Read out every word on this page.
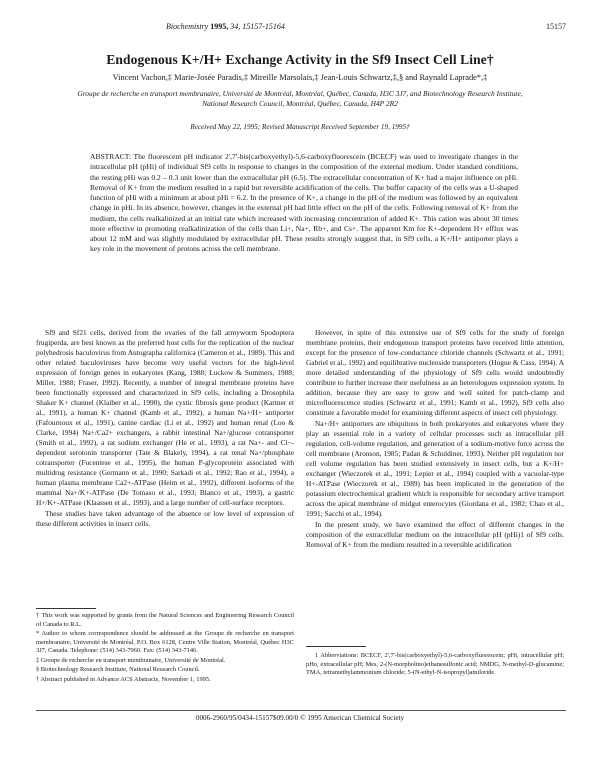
Biochemistry 1995, 34, 15157-15164	15157
Endogenous K+/H+ Exchange Activity in the Sf9 Insect Cell Line†
Vincent Vachon,‡ Marie-Josée Paradis,‡ Mireille Marsolais,‡ Jean-Louis Schwartz,‡,§ and Raynald Laprade*,‡
Groupe de recherche en transport membranaire, Université de Montréal, Montréal, Québec, Canada, H3C 3J7, and Biotechnology Research Institute, National Research Council, Montréal, Québec, Canada, H4P 2R2
Received May 22, 1995; Revised Manuscript Received September 19, 1995†
ABSTRACT: The fluorescent pH indicator 2',7'-bis(carboxyethyl)-5,6-carboxyfluorescein (BCECF) was used to investigate changes in the intracellular pH (pHi) of individual Sf9 cells in response to changes in the composition of the external medium. Under standard conditions, the resting pHi was 0.2 – 0.3 unit lower than the extracellular pH (6.5). The extracellular concentration of K+ had a major influence on pHi. Removal of K+ from the medium resulted in a rapid but reversible acidification of the cells. The buffer capacity of the cells was a U-shaped function of pHi with a minimum at about pHi = 6.2. In the presence of K+, a change in the pH of the medium was followed by an equivalent change in pHi. In its absence, however, changes in the external pH had little effect on the pH of the cells. Following removal of K+ from the medium, the cells realkalinized at an initial rate which increased with increasing concentration of added K+. This cation was about 30 times more effective in promoting realkalinization of the cells than Li+, Na+, Rb+, and Cs+. The apparent Km for K+-dependent H+ efflux was about 12 mM and was slightly modulated by extracellular pH. These results strongly suggest that, in Sf9 cells, a K+/H+ antiporter plays a key role in the movement of protons across the cell membrane.

Sf9 and Sf21 cells, derived from the ovaries of the fall armyworm Spodoptera frugiperda, are best known as the preferred host cells for the replication of the nuclear polyhedrosis baculovirus from Autographa californica (Cameron et al., 1989). This and other related baculoviruses have become very useful vectors for the high-level expression of foreign genes in eukaryotes (Kang, 1988; Luckow & Summers, 1988; Miller, 1988; Fraser, 1992). Recently, a number of integral membrane proteins have been functionally expressed and characterized in Sf9 cells, including a Drosophila Shaker K+ channel (Klaiber et al., 1990), the cystic fibrosis gene product (Kartner et al., 1991), a human K+ channel (Kamb et al., 1992), a human Na+/H+ antiporter (Fafournoux et al., 1991), canine cardiac (Li et al., 1992) and human renal (Loo & Clarke, 1994) Na+/Ca2+ exchangers, a rabbit intestinal Na+/glucose cotransporter (Smith et al., 1992), a rat sodium exchanger (He et al., 1993), a rat Na+- and Cl−-dependent serotonin transporter (Tate & Blakely, 1994), a rat renal Na+/phosphate cotransporter (Fucentese et al., 1995), the human P-glycoprotein associated with multidrug resistance (Germann et al., 1990; Sarkadi et al., 1992; Rao et al., 1994), a human plasma membrane Ca2+-ATPase (Heim et al., 1992), different isoforms of the mammal Na+/K+-ATPase (De Tomaso et al., 1993; Blanco et al., 1993), a gastric H+/K+-ATPase (Klaassen et al., 1993), and a large number of cell-surface receptors.

These studies have taken advantage of the absence or low level of expression of these different activities in insect cells.

However, in spite of this extensive use of Sf9 cells for the study of foreign membrane proteins, their endogenous transport proteins have received little attention, except for the presence of low-conductance chloride channels (Schwartz et al., 1991; Gabriel et al., 1992) and equilibrative nucleoside transporters (Hogue & Cass, 1994). A more detailed understanding of the physiology of Sf9 cells would undoubtedly contribute to further increase their usefulness as an heterologous expression system. In addition, because they are easy to grow and well suited for patch-clamp and microfluorescence studies (Schwartz et al., 1991; Kamb et al., 1992), Sf9 cells also constitute a favorable model for examining different aspects of insect cell physiology.

Na+/H+ antiporters are ubiquitous in both prokaryotes and eukaryotes where they play an essential role in a variety of cellular processes such as intracellular pH regulation, cell-volume regulation, and generation of a sodium-motive force across the cell membrane (Aronson, 1985; Padan & Schuldiner, 1993). Neither pH regulation nor cell volume regulation has been studied extensively in insect cells, but a K+/H+ exchanger (Wieczorek et al., 1991; Lepier et al., 1994) coupled with a vacuolar-type H+-ATPase (Wieczorek et al., 1989) has been implicated in the generation of the potassium electrochemical gradient which is responsible for secondary active transport across the apical membrane of midgut enterocytes (Giordana et al., 1982; Chao et al., 1991; Sacchi et al., 1994).

In the present study, we have examined the effect of different changes in the composition of the extracellular medium on the intracellular pH (pHi)1 of Sf9 cells. Removal of K+ from the medium resulted in a reversible acidification

† This work was supported by grants from the Natural Sciences and Engineering Research Council of Canada to R.L.
* Author to whom correspondence should be addressed at the Groupe de recherche en transport membranaire, Université de Montréal, P.O. Box 6128, Centre Ville Station, Montréal, Québec H3C 3J7, Canada. Telephone: (514) 343-7960. Fax: (514) 343-7146.
‡ Groupe de recherche en transport membranaire, Université de Montréal.
§ Biotechnology Research Institute, National Research Council.
† Abstract published in Advance ACS Abstracts, November 1, 1995.
1 Abbreviations: BCECF, 2',7'-bis(carboxyethyl)-5,6-carboxyfluorescein; pHi, intracellular pH; pHo, extracellular pH; Mes, 2-(N-morpholino)ethanesulfonic acid; NMDG, N-methyl-D-glucamine; TMA, tetramethylammonium chloride; 5-(N-ethyl-N-isopropyl)amiloride.
0006-2960/95/0434-15157$09.00/0 © 1995 American Chemical Society
